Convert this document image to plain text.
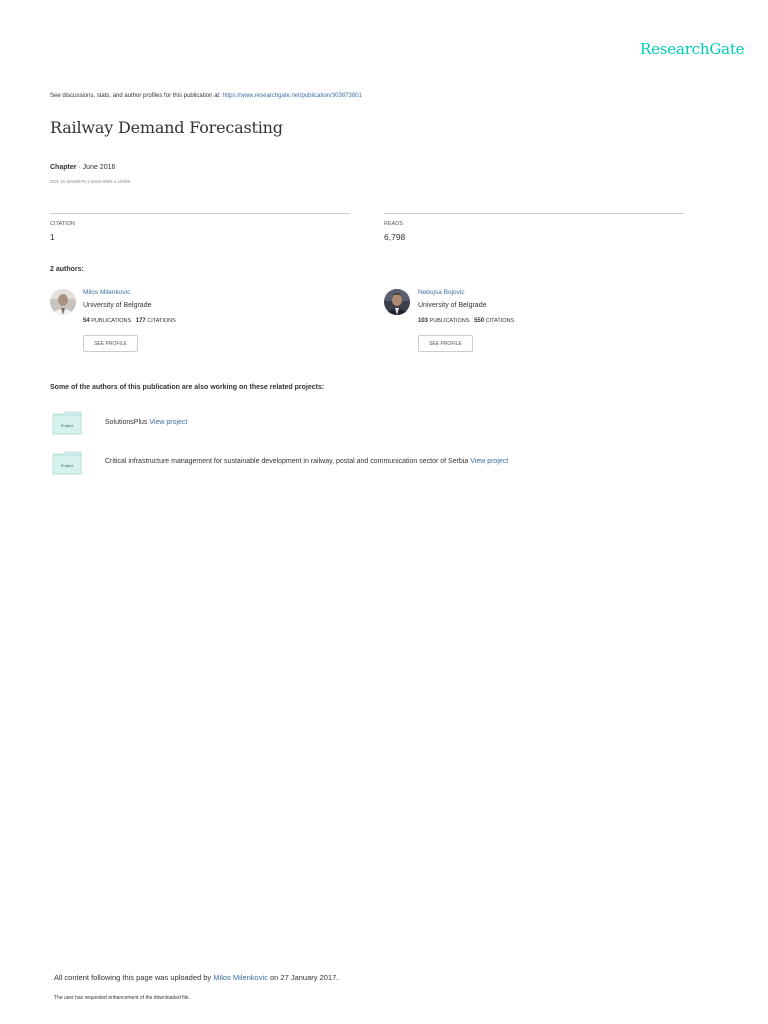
ResearchGate
See discussions, stats, and author profiles for this publication at: https://www.researchgate.net/publication/303873801
Railway Demand Forecasting
Chapter · June 2016
DOI: 10.4018/978-1-5225-0084-1.ch005
CITATION
1
READS
6,798
2 authors:
Milos Milenkovic
University of Belgrade
54 PUBLICATIONS 177 CITATIONS
SEE PROFILE
Nebojsa Bojovic
University of Belgrade
103 PUBLICATIONS 550 CITATIONS
SEE PROFILE
Some of the authors of this publication are also working on these related projects:
Project	SolutionsPlus View project
Project
Critical infrastructure management for sustainable development in railway, postal and communication sector of Serbia View project
All content following this page was uploaded by Milos Milenkovic on 27 January 2017.
The user has requested enhancement of the downloaded file.
